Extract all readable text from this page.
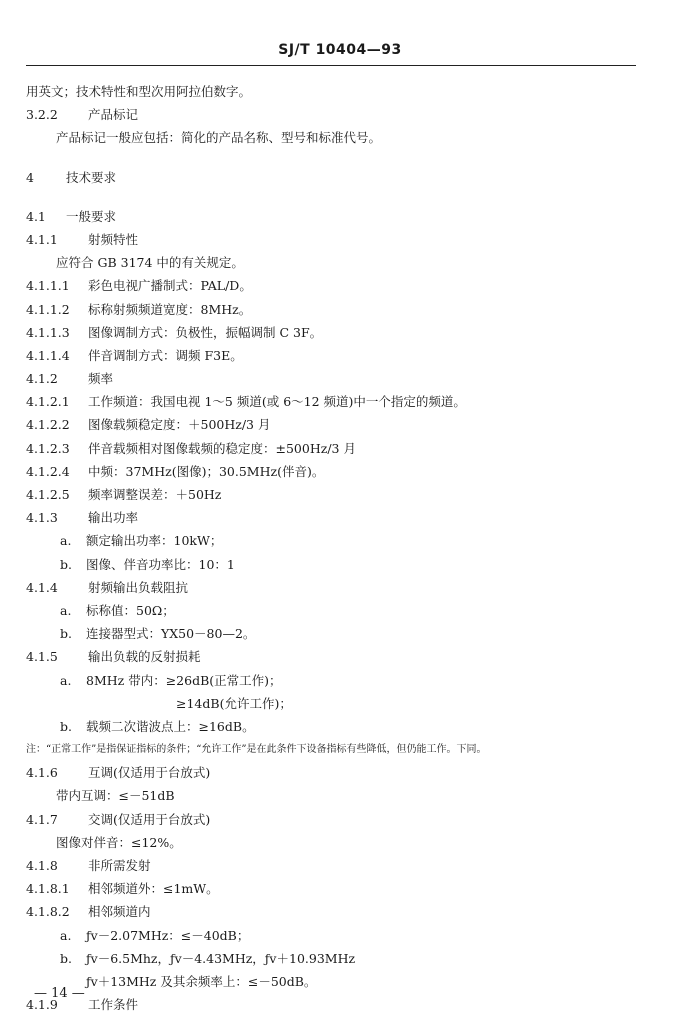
SJ/T 10404—93
用英文；技术特性和型次用阿拉伯数字。
3.2.2 产品标记
产品标记一般应包括：简化的产品名称、型号和标准代号。
4	技术要求
4.1 一般要求
4.1.1 射频特性
应符合 GB 3174 中的有关规定。
4.1.1.1 彩色电视广播制式：PAL/D。
4.1.1.2 标称射频频道宽度：8MHz。
4.1.1.3 图像调制方式：负极性，振幅调制 C 3F。
4.1.1.4 伴音调制方式：调频 F3E。
4.1.2 频率
4.1.2.1 工作频道：我国电视 1～5 频道(或 6～12 频道)中一个指定的频道。
4.1.2.2 图像载频稳定度：＋500Hz/3 月
4.1.2.3 伴音载频相对图像载频的稳定度：±500Hz/3 月
4.1.2.4 中频：37MHz(图像)；30.5MHz(伴音)。
4.1.2.5 频率调整误差：＋50Hz
4.1.3 输出功率
a. 额定输出功率：10kW；
b. 图像、伴音功率比：10：1
4.1.4 射频输出负载阻抗
a. 标称值：50Ω；
b. 连接器型式：YX50－80—2。
4.1.5 输出负载的反射损耗
a. 8MHz 带内：≥26dB(正常工作)；
≥14dB(允许工作)；
b. 载频二次谐波点上：≥16dB。
注：“正常工作”是指保证指标的条件；“允许工作”是在此条件下设备指标有些降低，但仍能工作。下同。
4.1.6 互调(仅适用于台放式)
带内互调：≤－51dB
4.1.7 交调(仅适用于台放式)
图像对伴音：≤12%。
4.1.8 非所需发射
4.1.8.1 相邻频道外：≤1mW。
4.1.8.2 相邻频道内
a. ƒv－2.07MHz：≤－40dB；
b. ƒv－6.5Mhz，ƒv－4.43MHz，ƒv＋10.93MHz
ƒv＋13MHz 及其余频率上：≤－50dB。
4.1.9 工作条件
— 14 —
